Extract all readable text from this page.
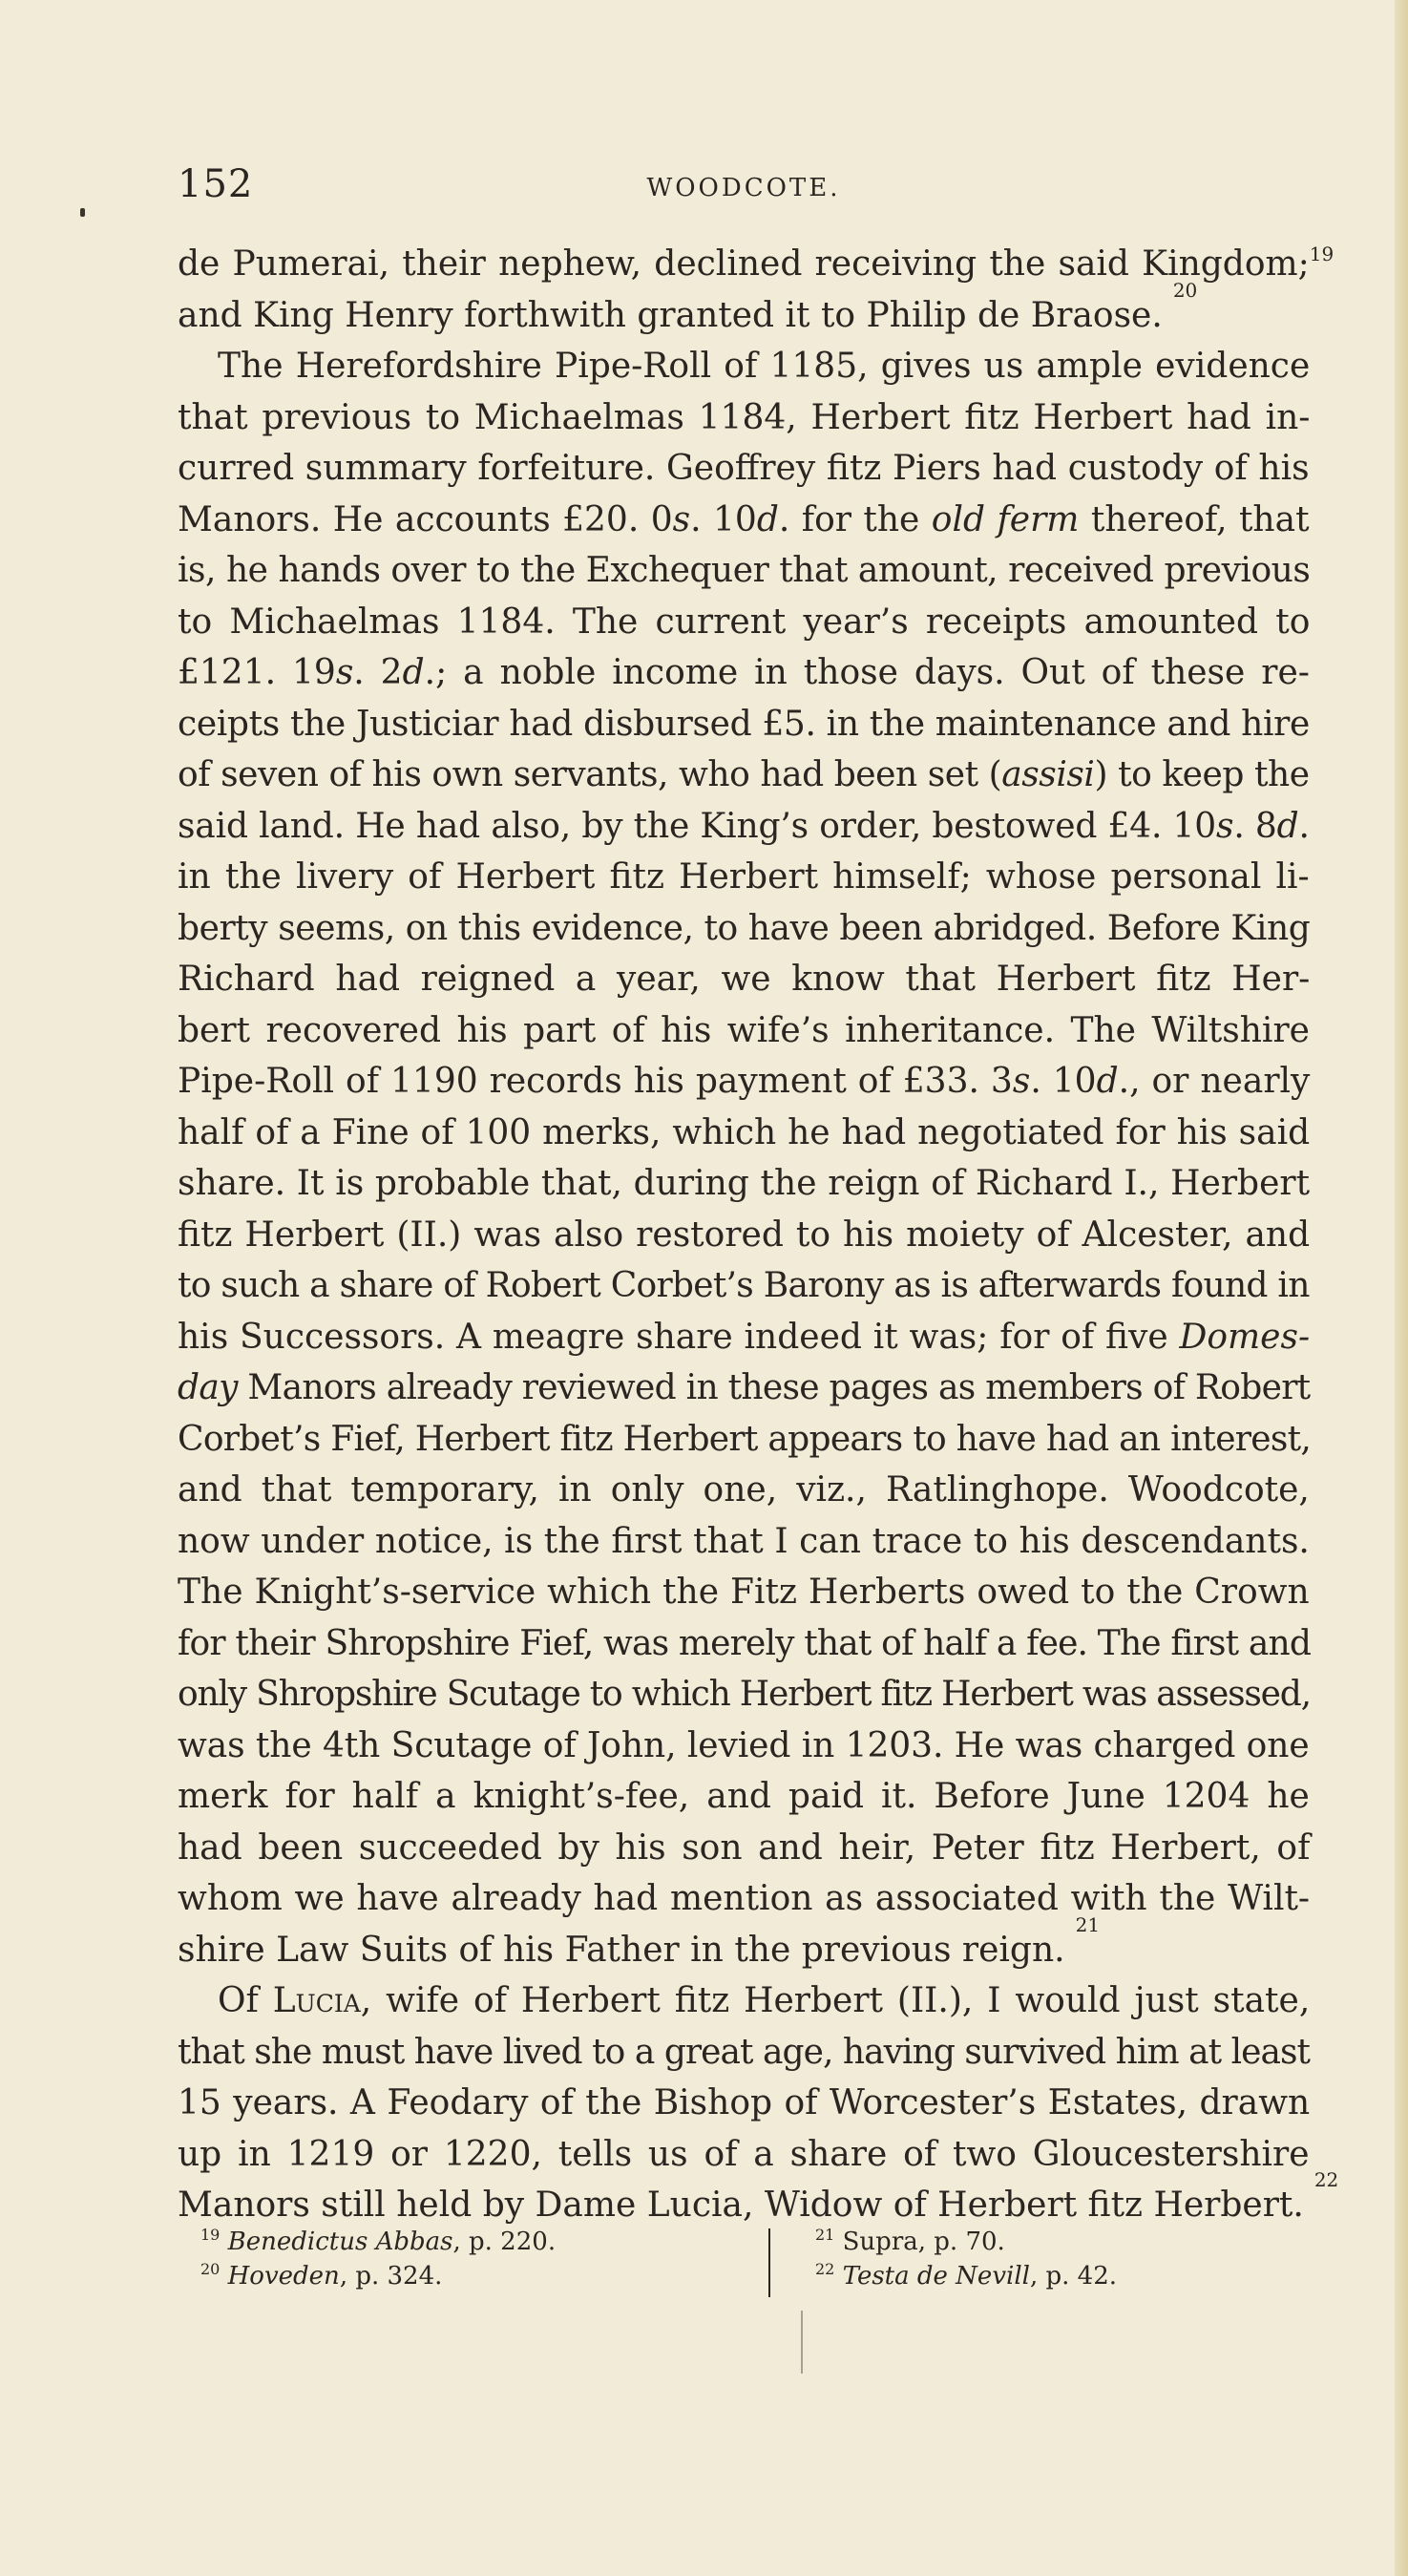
152	WOODCOTE.
de Pumerai, their nephew, declined receiving the said Kingdom;$^{19}$
and King Henry forthwith granted it to Philip de Braose.
20
The Herefordshire Pipe-Roll of 1185, gives us ample evidence
that previous to Michaelmas 1184, Herbert fitz Herbert had in-
curred summary forfeiture. Geoffrey fitz Piers had custody of his
Manors. He accounts £20. 0s. 10d. for the old ferm thereof, that
is, he hands over to the Exchequer that amount, received previous
to Michaelmas 1184. The current year’s receipts amounted to
£121. 19s. 2d.; a noble income in those days. Out of these re-
ceipts the Justiciar had disbursed £5. in the maintenance and hire
of seven of his own servants, who had been set (assisi) to keep the
said land. He had also, by the King’s order, bestowed £4. 10s. 8d.
in the livery of Herbert fitz Herbert himself; whose personal li-
berty seems, on this evidence, to have been abridged. Before King
Richard had reigned a year, we know that Herbert fitz Her-
bert recovered his part of his wife’s inheritance. The Wiltshire
Pipe-Roll of 1190 records his payment of £33. 3s. 10d., or nearly
half of a Fine of 100 merks, which he had negotiated for his said
share. It is probable that, during the reign of Richard I., Herbert
fitz Herbert (II.) was also restored to his moiety of Alcester, and
to such a share of Robert Corbet’s Barony as is afterwards found in
his Successors. A meagre share indeed it was; for of five Domes-
day Manors already reviewed in these pages as members of Robert
Corbet’s Fief, Herbert fitz Herbert appears to have had an interest,
and that temporary, in only one, viz., Ratlinghope. Woodcote,
now under notice, is the first that I can trace to his descendants.
The Knight’s-service which the Fitz Herberts owed to the Crown
for their Shropshire Fief, was merely that of half a fee. The first and
only Shropshire Scutage to which Herbert fitz Herbert was assessed,
was the 4th Scutage of John, levied in 1203. He was charged one
merk for half a knight’s-fee, and paid it. Before June 1204 he
had been succeeded by his son and heir, Peter fitz Herbert, of
whom we have already had mention as associated with the Wilt-
shire Law Suits of his Father in the previous reign.
21
Of Lucia, wife of Herbert fitz Herbert (II.), I would just state,
that she must have lived to a great age, having survived him at least
15 years. A Feodary of the Bishop of Worcester’s Estates, drawn
up in 1219 or 1220, tells us of a share of two Gloucestershire
Manors still held by Dame Lucia, Widow of Herbert fitz Herbert.
22
$^{19}$ Benedictus Abbas, p. 220.
$^{20}$ Hoveden, p. 324.
$^{21}$ Supra, p. 70.
$^{22}$ Testa de Nevill, p. 42.
